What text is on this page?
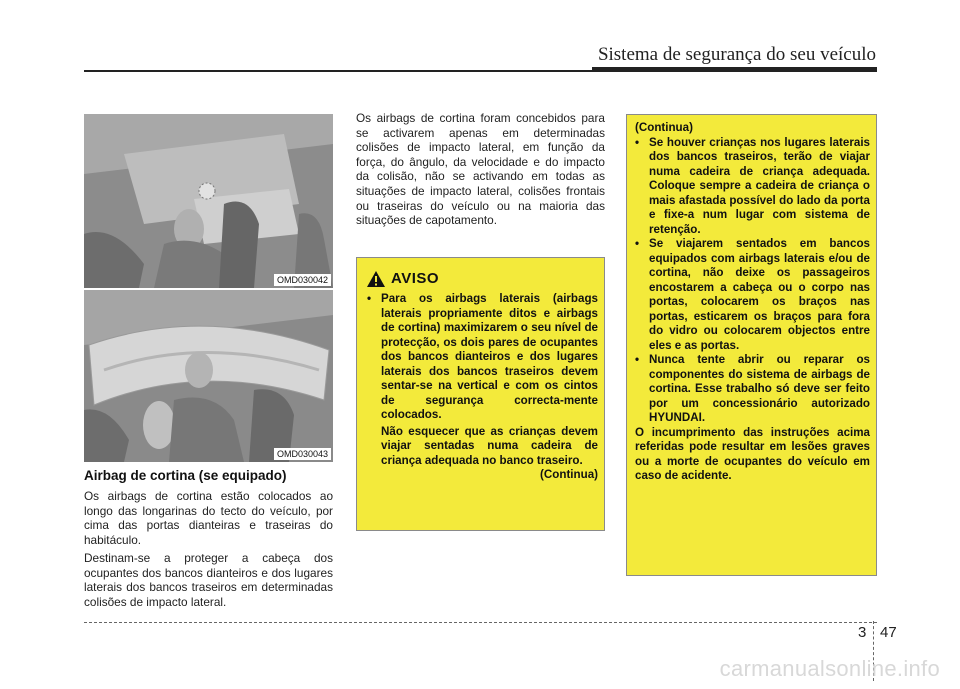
Sistema de segurança do seu veículo
OMD030042
OMD030043
Airbag de cortina (se equipado)
Os airbags de cortina estão colocados ao longo das longarinas do tecto do veículo, por cima das portas dianteiras e traseiras do habitáculo.
Destinam-se a proteger a cabeça dos ocupantes dos bancos dianteiros e dos lugares laterais dos bancos traseiros em determinadas colisões de impacto lateral.
Os airbags de cortina foram concebidos para se activarem apenas em determinadas colisões de impacto lateral, em função da força, do ângulo, da velocidade e do impacto da colisão, não se activando em todas as situações de impacto lateral, colisões frontais ou traseiras do veículo ou na maioria das situações de capotamento.
AVISO
• Para os airbags laterais (airbags laterais propriamente ditos e airbags de cortina) maximizarem o seu nível de protecção, os dois pares de ocupantes dos bancos dianteiros e dos lugares laterais dos bancos traseiros devem sentar-se na vertical e com os cintos de segurança correcta-mente colocados.
Não esquecer que as crianças devem viajar sentadas numa cadeira de criança adequada no banco traseiro.
(Continua)
(Continua)
• Se houver crianças nos lugares laterais dos bancos traseiros, terão de viajar numa cadeira de criança adequada. Coloque sempre a cadeira de criança o mais afastada possível do lado da porta e fixe-a num lugar com sistema de retenção.
• Se viajarem sentados em bancos equipados com airbags laterais e/ou de cortina, não deixe os passageiros encostarem a cabeça ou o corpo nas portas, colocarem os braços nas portas, esticarem os braços para fora do vidro ou colocarem objectos entre eles e as portas.
• Nunca tente abrir ou reparar os componentes do sistema de airbags de cortina. Esse trabalho só deve ser feito por um concessionário autorizado HYUNDAI.
O incumprimento das instruções acima referidas pode resultar em lesões graves ou a morte de ocupantes do veículo em caso de acidente.
3 47
carmanualsonline.info
